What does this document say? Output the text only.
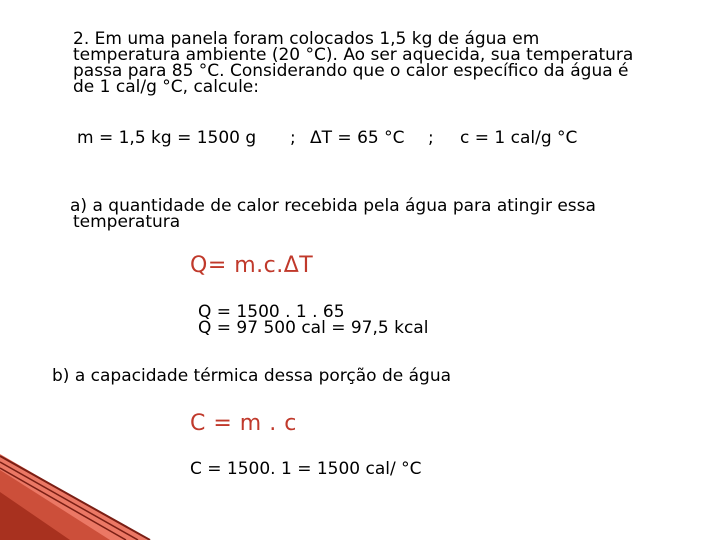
2. Em uma panela foram colocados 1,5 kg de água em
temperatura ambiente (20 °C). Ao ser aquecida, sua temperatura
passa para 85 °C. Considerando que o calor específico da água é
de 1 cal/g °C, calcule:
m = 1,5 kg = 1500 g ; ΔT = 65 °C ; c = 1 cal/g °C
a) a quantidade de calor recebida pela água para atingir essa
temperatura
Q= m.c.ΔT
Q = 1500 . 1 . 65
Q = 97 500 cal = 97,5 kcal
b) a capacidade térmica dessa porção de água
C = m . c
C = 1500. 1 = 1500 cal/ °C
